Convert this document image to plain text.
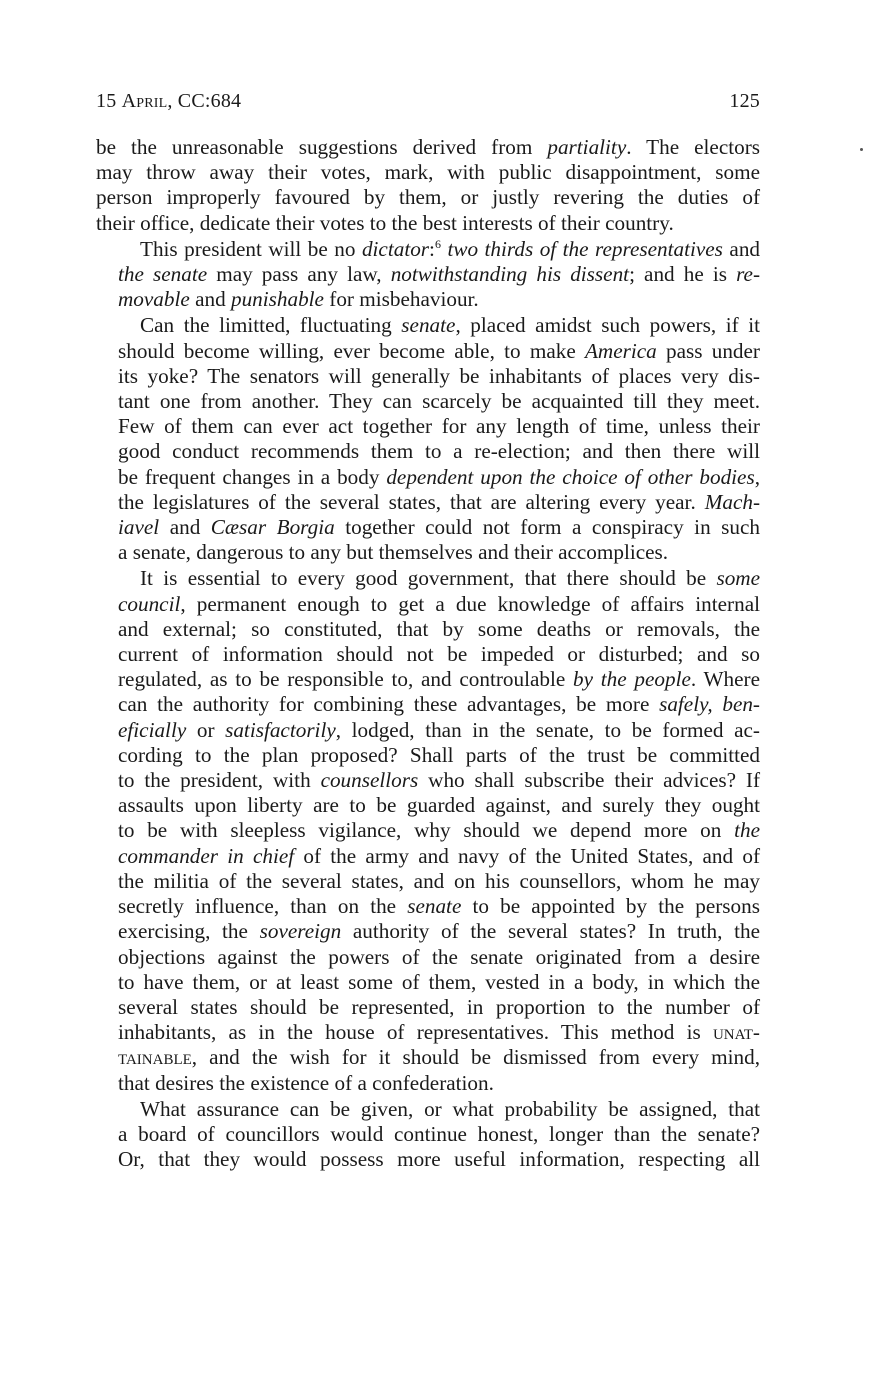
15 April, CC:684	125

be the unreasonable suggestions derived from partiality. The electors
may throw away their votes, mark, with public disappointment, some
person improperly favoured by them, or justly revering the duties of
their office, dedicate their votes to the best interests of their country.

This president will be no dictator:$^6$ two thirds of the representatives and
the senate may pass any law, notwithstanding his dissent; and he is re-
movable and punishable for misbehaviour.

Can the limitted, fluctuating senate, placed amidst such powers, if it
should become willing, ever become able, to make America pass under
its yoke? The senators will generally be inhabitants of places very dis-
tant one from another. They can scarcely be acquainted till they meet.
Few of them can ever act together for any length of time, unless their
good conduct recommends them to a re-election; and then there will
be frequent changes in a body dependent upon the choice of other bodies,
the legislatures of the several states, that are altering every year. Mach-
iavel and Cæsar Borgia together could not form a conspiracy in such
a senate, dangerous to any but themselves and their accomplices.

It is essential to every good government, that there should be some
council, permanent enough to get a due knowledge of affairs internal
and external; so constituted, that by some deaths or removals, the
current of information should not be impeded or disturbed; and so
regulated, as to be responsible to, and controulable by the people. Where
can the authority for combining these advantages, be more safely, ben-
eficially or satisfactorily, lodged, than in the senate, to be formed ac-
cording to the plan proposed? Shall parts of the trust be committed
to the president, with counsellors who shall subscribe their advices? If
assaults upon liberty are to be guarded against, and surely they ought
to be with sleepless vigilance, why should we depend more on the
commander in chief of the army and navy of the United States, and of
the militia of the several states, and on his counsellors, whom he may
secretly influence, than on the senate to be appointed by the persons
exercising, the sovereign authority of the several states? In truth, the
objections against the powers of the senate originated from a desire
to have them, or at least some of them, vested in a body, in which the
several states should be represented, in proportion to the number of
inhabitants, as in the house of representatives. This method is unat-
tainable, and the wish for it should be dismissed from every mind,
that desires the existence of a confederation.

What assurance can be given, or what probability be assigned, that
a board of councillors would continue honest, longer than the senate?
Or, that they would possess more useful information, respecting all
